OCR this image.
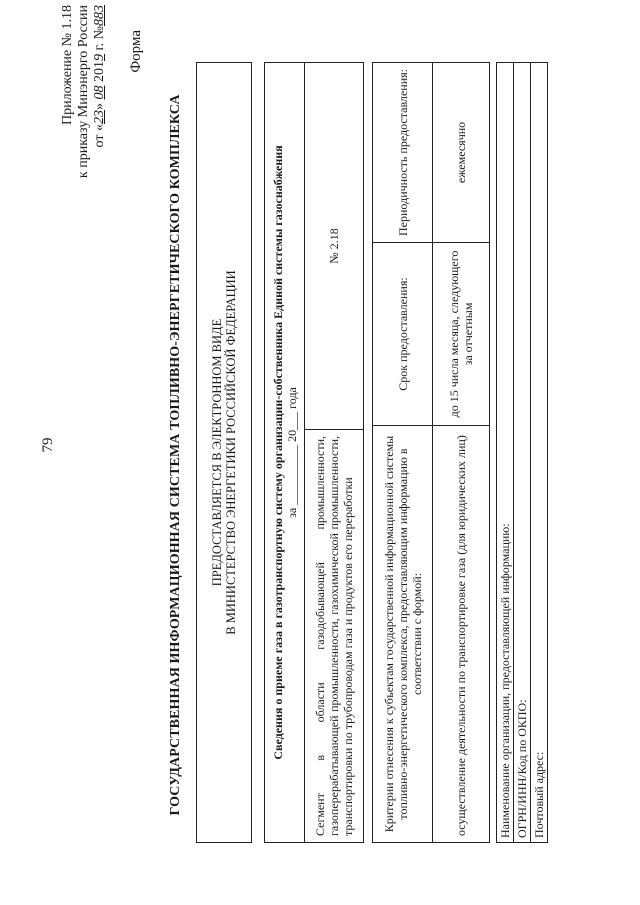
79
Приложение № 1.18 к приказу Минэнерго России от «23» 08 2019 г. №883
Форма
ГОСУДАРСТВЕННАЯ ИНФОРМАЦИОННАЯ СИСТЕМА ТОПЛИВНО-ЭНЕРГЕТИЧЕСКОГО КОМПЛЕКСА ПРЕДОСТАВЛЯЕТСЯ В ЭЛЕКТРОННОМ ВИДЕ В МИНИСТЕРСТВО ЭНЕРГЕТИКИ РОССИЙСКОЙ ФЕДЕРАЦИИ	Сведения о приеме газа в газотранспортную систему организации-собственника Единой системы газоснабжения за __________ 20___ года

Сегмент в области газодобывающей промышленности, газоперерабатывающей промышленности, газохимической промышленности, транспортировки по трубопроводам газа и продуктов его переработки	№ 2.18
Критерии отнесения к субъектам государственной информационной системы топливно-энергетического комплекса, предоставляющим информацию в соответствии с формой:	Срок предоставления:	Периодичность предоставления:
осуществление деятельности по транспортировке газа (для юридических лиц)	до 15 числа месяца, следующего за отчетным	ежемесячно
Наименование организации, предоставляющей информацию:
ОГРН/ИНН/Код по ОКПО:
Почтовый адрес:
